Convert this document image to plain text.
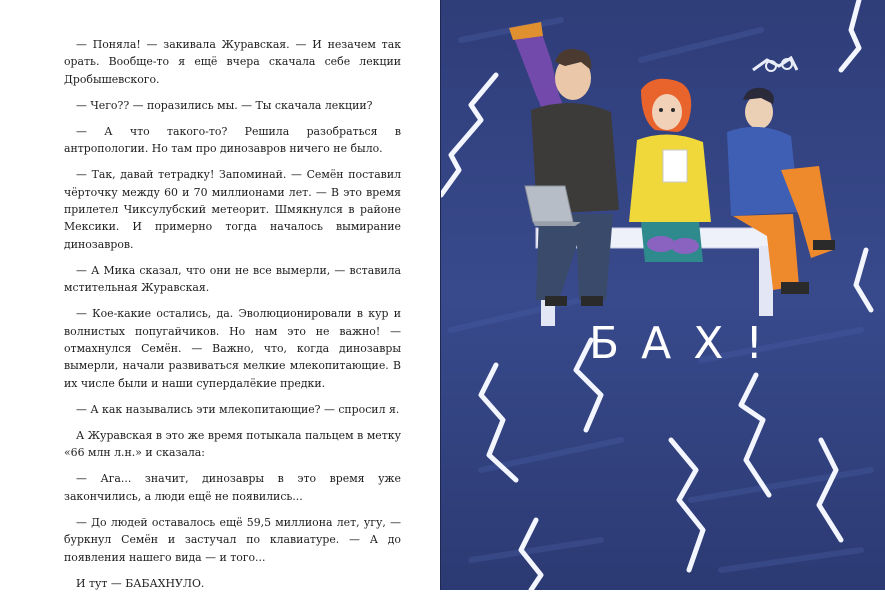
— Поняла! — закивала Журавская. — И незачем так орать. Вообще-то я ещё вчера скачала себе лекции Дробышевского.

— Чего?? — поразились мы. — Ты скачала лекции?

— А что такого-то? Решила разобраться в антропологии. Но там про динозавров ничего не было.

— Так, давай тетрадку! Запоминай. — Семён поставил чёрточку между 60 и 70 миллионами лет. — В это время прилетел Чиксулубский метеорит. Шмякнулся в районе Мексики. И примерно тогда началось вымирание динозавров.

— А Мика сказал, что они не все вымерли, — вставила мстительная Журавская.

— Кое-какие остались, да. Эволюционировали в кур и волнистых попугайчиков. Но нам это не важно! — отмахнулся Семён. — Важно, что, когда динозавры вымерли, начали развиваться мелкие млекопитающие. В их числе были и наши супердалёкие предки.

— А как назывались эти млекопитающие? — спросил я.

А Журавская в это же время потыкала пальцем в метку «66 млн л.н.» и сказала:

— Ага... значит, динозавры в это время уже закончились, а люди ещё не появились...

— До людей оставалось ещё 59,5 миллиона лет, угу, — буркнул Семён и застучал по клавиатуре. — А до появления нашего вида — и того...

И тут — БАБАХНУЛО.

БАХ!
